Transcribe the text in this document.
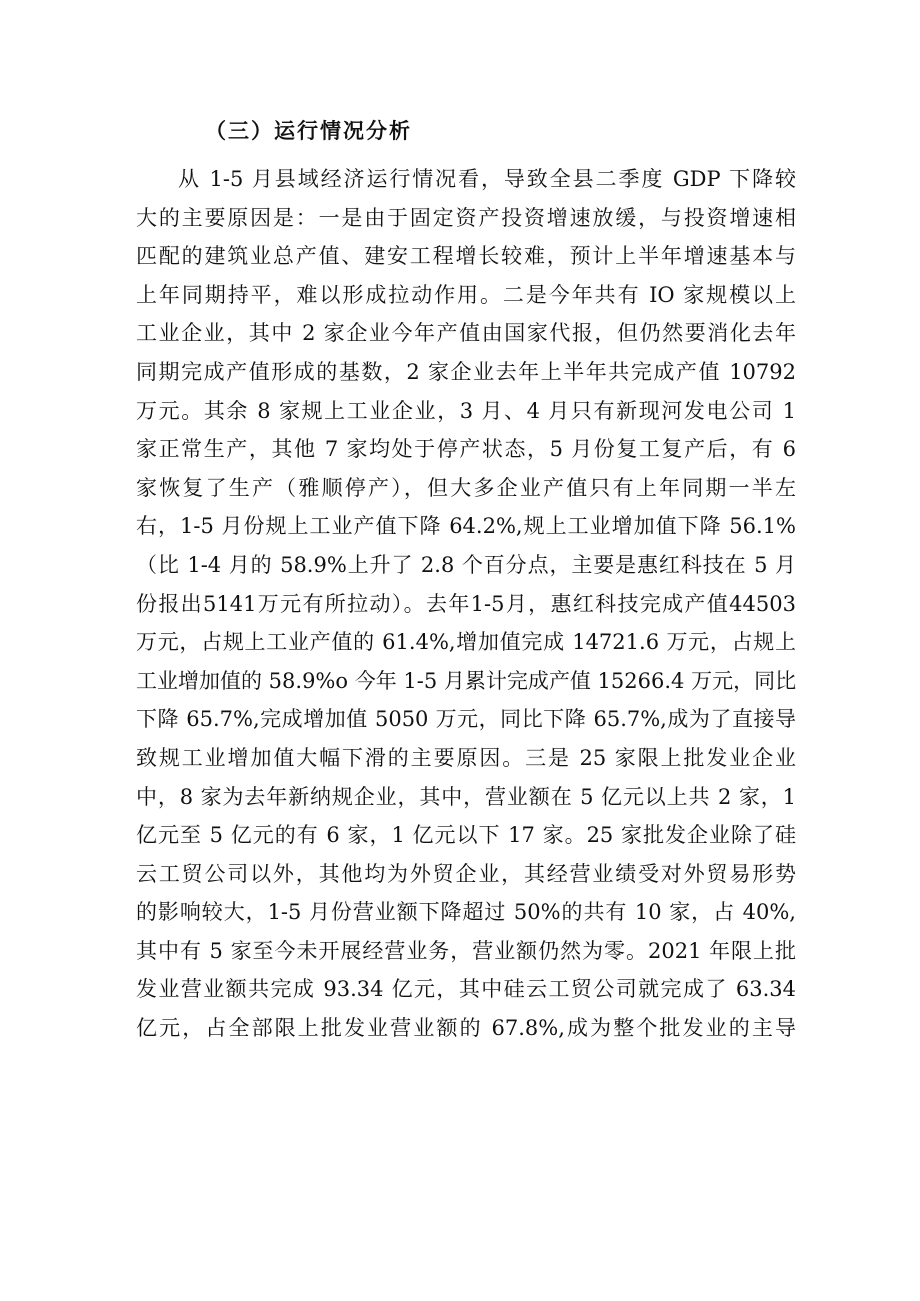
（三）运行情况分析
从 1-5 月县域经济运行情况看，导致全县二季度 GDP 下降较
大的主要原因是：一是由于固定资产投资增速放缓，与投资增速相
匹配的建筑业总产值、建安工程增长较难，预计上半年增速基本与
上年同期持平，难以形成拉动作用。二是今年共有 IO 家规模以上
工业企业，其中 2 家企业今年产值由国家代报，但仍然要消化去年
同期完成产值形成的基数，2 家企业去年上半年共完成产值 10792
万元。其余 8 家规上工业企业，3 月、4 月只有新现河发电公司 1
家正常生产，其他 7 家均处于停产状态，5 月份复工复产后，有 6
家恢复了生产（雅顺停产），但大多企业产值只有上年同期一半左
右，1-5 月份规上工业产值下降 64.2%,规上工业增加值下降 56.1%
（比 1-4 月的 58.9%上升了 2.8 个百分点，主要是惠红科技在 5 月
份报出5141万元有所拉动）。去年1-5月，惠红科技完成产值44503
万元，占规上工业产值的 61.4%,增加值完成 14721.6 万元，占规上
工业增加值的 58.9%o 今年 1-5 月累计完成产值 15266.4 万元，同比
下降 65.7%,完成增加值 5050 万元，同比下降 65.7%,成为了直接导
致规工业增加值大幅下滑的主要原因。三是 25 家限上批发业企业
中，8 家为去年新纳规企业，其中，营业额在 5 亿元以上共 2 家，1
亿元至 5 亿元的有 6 家，1 亿元以下 17 家。25 家批发企业除了硅
云工贸公司以外，其他均为外贸企业，其经营业绩受对外贸易形势
的影响较大，1-5 月份营业额下降超过 50%的共有 10 家，占 40%,
其中有 5 家至今未开展经营业务，营业额仍然为零。2021 年限上批
发业营业额共完成 93.34 亿元，其中硅云工贸公司就完成了 63.34
亿元，占全部限上批发业营业额的 67.8%,成为整个批发业的主导
